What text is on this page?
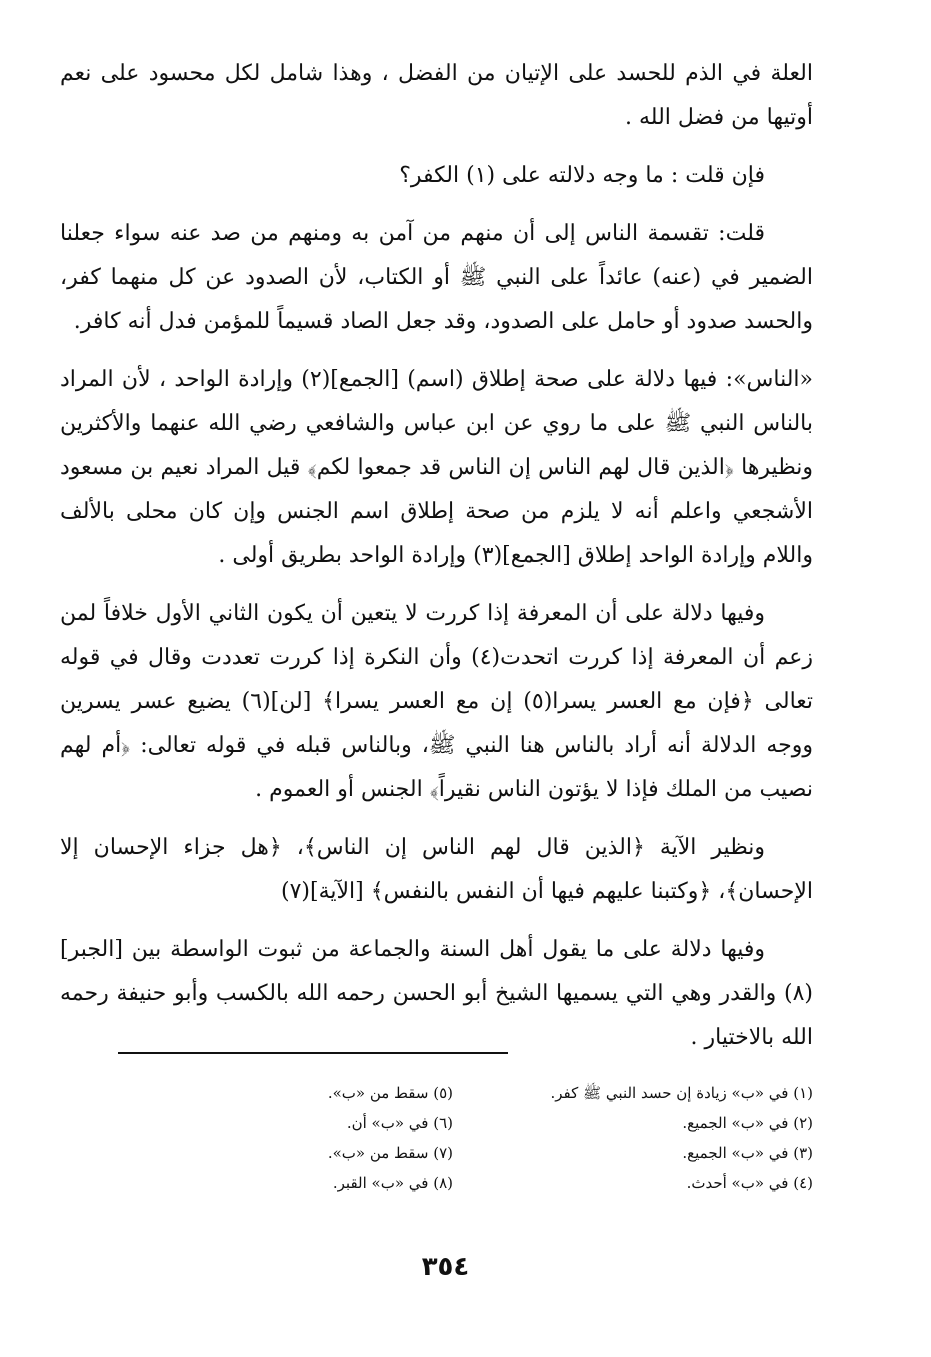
العلة في الذم للحسد على الإتيان من الفضل ، وهذا شامل لكل محسود على نعم أوتيها من فضل الله .

فإن قلت : ما وجه دلالته على (١) الكفر؟

قلت: تقسمة الناس إلى أن منهم من آمن به ومنهم من صد عنه سواء جعلنا الضمير في (عنه) عائداً على النبي ﷺ أو الكتاب، لأن الصدود عن كل منهما كفر، والحسد صدود أو حامل على الصدود، وقد جعل الصاد قسيماً للمؤمن فدل أنه كافر.

«الناس»: فيها دلالة على صحة إطلاق (اسم) [الجمع](٢) وإرادة الواحد ، لأن المراد بالناس النبي ﷺ على ما روي عن ابن عباس والشافعي رضي الله عنهما والأكثرين ونظيرها ﴿الذين قال لهم الناس إن الناس قد جمعوا لكم﴾ قيل المراد نعيم بن مسعود الأشجعي واعلم أنه لا يلزم من صحة إطلاق اسم الجنس وإن كان محلى بالألف واللام وإرادة الواحد إطلاق [الجمع](٣) وإرادة الواحد بطريق أولى .

وفيها دلالة على أن المعرفة إذا كررت لا يتعين أن يكون الثاني الأول خلافاً لمن زعم أن المعرفة إذا كررت اتحدت(٤) وأن النكرة إذا كررت تعددت وقال في قوله تعالى ﴿فإن مع العسر يسرا(٥) إن مع العسر يسرا﴾ [لن](٦) يضيع عسر يسرين ووجه الدلالة أنه أراد بالناس هنا النبي ﷺ، وبالناس قبله في قوله تعالى: ﴿أم لهم نصيب من الملك فإذا لا يؤتون الناس نقيراً﴾ الجنس أو العموم .

ونظير الآية ﴿الذين قال لهم الناس إن الناس﴾، ﴿هل جزاء الإحسان إلا الإحسان﴾، ﴿وكتبنا عليهم فيها أن النفس بالنفس﴾ [الآية](٧)

وفيها دلالة على ما يقول أهل السنة والجماعة من ثبوت الواسطة بين [الجبر](٨) والقدر وهي التي يسميها الشيخ أبو الحسن رحمه الله بالكسب وأبو حنيفة رحمه الله بالاختيار .

(١) في «ب» زيادة إن حسد النبي ﷺ كفر.
(٢) في «ب» الجميع.
(٣) في «ب» الجميع.
(٤) في «ب» أحدث.
(٥) سقط من «ب».
(٦) في «ب» أن.
(٧) سقط من «ب».
(٨) في «ب» القبر.
٣٥٤
